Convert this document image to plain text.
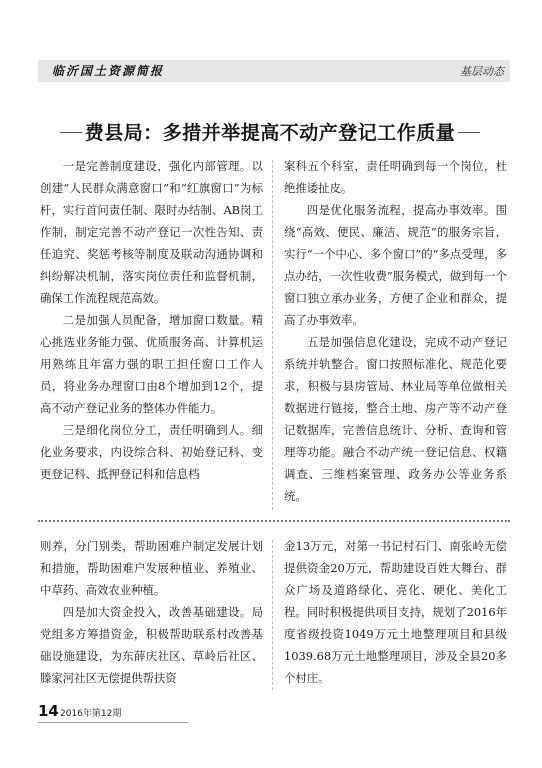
临沂国土资源简报	基层动态
费县局：多措并举提高不动产登记工作质量

一是完善制度建设，强化内部管理。以创建“人民群众满意窗口”和“红旗窗口”为标杆，实行首问责任制、限时办结制、AB岗工作制，制定完善不动产登记一次性告知、责任追究、奖惩考核等制度及联动沟通协调和纠纷解决机制，落实岗位责任和监督机制，确保工作流程规范高效。

二是加强人员配备，增加窗口数量。精心挑选业务能力强、优质服务高、计算机运用熟练且年富力强的职工担任窗口工作人员，将业务办理窗口由8个增加到12个，提高不动产登记业务的整体办件能力。

三是细化岗位分工，责任明确到人。细化业务要求，内设综合科、初始登记科、变更登记科、抵押登记科和信息档

案科五个科室，责任明确到每一个岗位，杜绝推诿扯皮。

四是优化服务流程，提高办事效率。围绕“高效、便民、廉洁、规范”的服务宗旨，实行“一个中心、多个窗口”的“多点受理，多点办结，一次性收费”服务模式，做到每一个窗口独立承办业务，方便了企业和群众，提高了办事效率。

五是加强信息化建设，完成不动产登记系统并轨整合。窗口按照标准化、规范化要求，积极与县房管局、林业局等单位做相关数据进行链接，整合土地、房产等不动产登记数据库，完善信息统计、分析、查询和管理等功能。融合不动产统一登记信息、权籍调查、三维档案管理、政务办公等业务系统。

则养，分门别类，帮助困难户制定发展计划和措施，帮助困难户发展种植业、养殖业、中草药、高效农业种植。

四是加大资金投入，改善基础建设。局党组多方筹措资金，积极帮助联系村改善基础设施建设，为东薛庆社区、草岭后社区、滕家河社区无偿提供帮扶资

金13万元，对第一书记村石门、南张岭无偿提供资金20万元，帮助建设百姓大舞台、群众广场及道路绿化、亮化、硬化、美化工程。同时积极提供项目支持，规划了2016年度省级投资1049万元土地整理项目和县级1039.68万元土地整理项目，涉及全县20多个村庄。

14 2016年第12期
